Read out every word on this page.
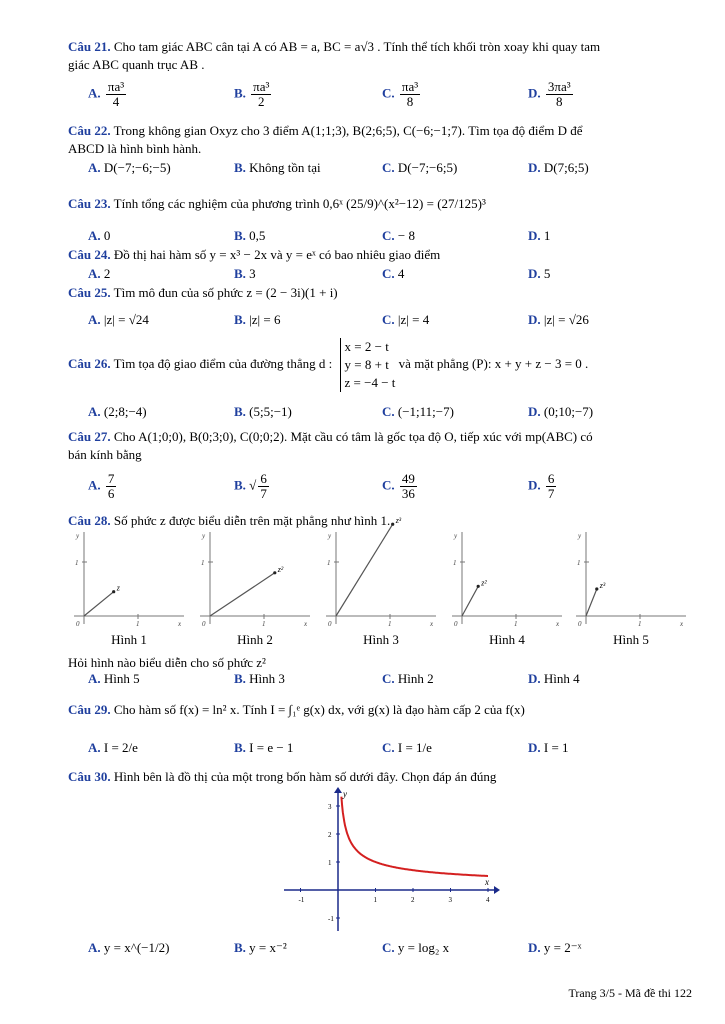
Câu 21. Cho tam giác ABC cân tại A có AB = a, BC = a√3 . Tính thể tích khối tròn xoay khi quay tam
giác ABC quanh trục AB .
A. $\frac{\text{πa³}}{4}$	B. $\frac{\text{πa³}}{2}$	C. $\frac{\text{πa³}}{8}$	D. $\frac{\text{3πa³}}{8}$
Câu 22. Trong không gian Oxyz cho 3 điểm A(1;1;3), B(2;6;5), C(−6;−1;7). Tìm tọa độ điểm D để
ABCD là hình bình hành.
A. D(−7;−6;−5)	B. Không tồn tại	C. D(−7;−6;5)	D. D(7;6;5)
Câu 23. Tính tổng các nghiệm của phương trình 0,6ˣ (25/9)^(x²−12) = (27/125)³
A. 0	B. 0,5	C. − 8	D. 1
Câu 24. Đồ thị hai hàm số y = x³ − 2x và y = eˣ có bao nhiêu giao điểm
A. 2	B. 3	C. 4	D. 5
Câu 25. Tìm mô đun của số phức z = (2 − 3i)(1 + i)
A. |z| = √24	B. |z| = 6	C. |z| = 4	D. |z| = √26
Câu 26. Tìm tọa độ giao điểm của đường thẳng d : x = 2 − t
y = 8 + t
z = −4 − t và mặt phẳng (P): x + y + z − 3 = 0 .
A. (2;8;−4)	B. (5;5;−1)	C. (−1;11;−7)	D. (0;10;−7)
Câu 27. Cho A(1;0;0), B(0;3;0), C(0;0;2). Mặt cầu có tâm là gốc tọa độ O, tiếp xúc với mp(ABC) có
bán kính bằng
A. $\frac{7}{6}$	B. √ $\frac{6}{7}$	C. $\frac{49}{36}$	D. $\frac{6}{7}$
Câu 28. Số phức z được biểu diễn trên mặt phẳng như hình 1.
x
y
1
1
0
z
Hình 1
x
y
1
1
0
z²
Hình 2
x
y
1
1
0
z³
Hình 3
x
y
1
1
0
z²
Hình 4
x
y
1
1
0
z³
Hình 5
Hỏi hình nào biểu diễn cho số phức z²
A. Hình 5	B. Hình 3	C. Hình 2	D. Hình 4
Câu 29. Cho hàm số f(x) = ln² x. Tính I = ∫₁ᵉ g(x) dx, với g(x) là đạo hàm cấp 2 của f(x)
A. I = 2/e	B. I = e − 1	C. I = 1/e	D. I = 1
Câu 30. Hình bên là đồ thị của một trong bốn hàm số dưới đây. Chọn đáp án đúng
-1	1	2	3	4
3
2
1
-1
x
y
A. y = x^(−1/2)	B. y = x⁻²	C. y = log₂ x	D. y = 2⁻ˣ
Trang 3/5 - Mã đề thi 122
